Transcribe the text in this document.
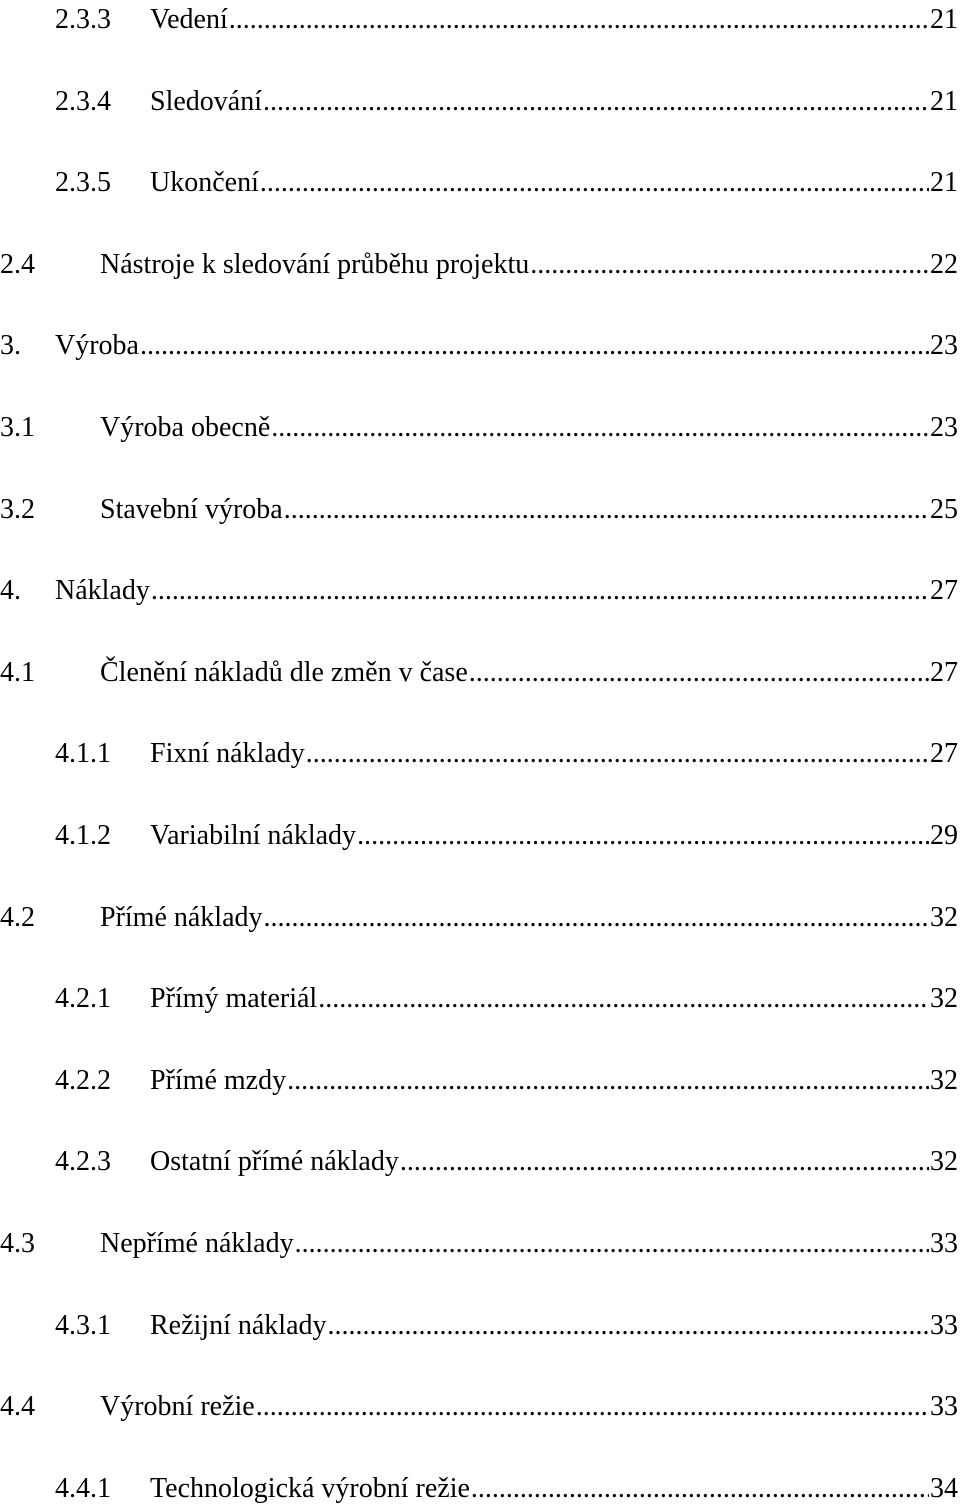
2.3.3	Vedení .....	21
2.3.4	Sledování .....	21
2.3.5	Ukončení .....	21
2.4	Nástroje k sledování průběhu projektu .....	22
3.	Výroba .....	23
3.1	Výroba obecně .....	23
3.2	Stavební výroba .....	25
4.	Náklady .....	27
4.1	Členění nákladů dle změn v čase .....	27
4.1.1	Fixní náklady .....	27
4.1.2	Variabilní náklady .....	29
4.2	Přímé náklady .....	32
4.2.1	Přímý materiál .....	32
4.2.2	Přímé mzdy .....	32
4.2.3	Ostatní přímé náklady .....	32
4.3	Nepřímé náklady .....	33
4.3.1	Režijní náklady .....	33
4.4	Výrobní režie .....	33
4.4.1	Technologická výrobní režie .....	34
